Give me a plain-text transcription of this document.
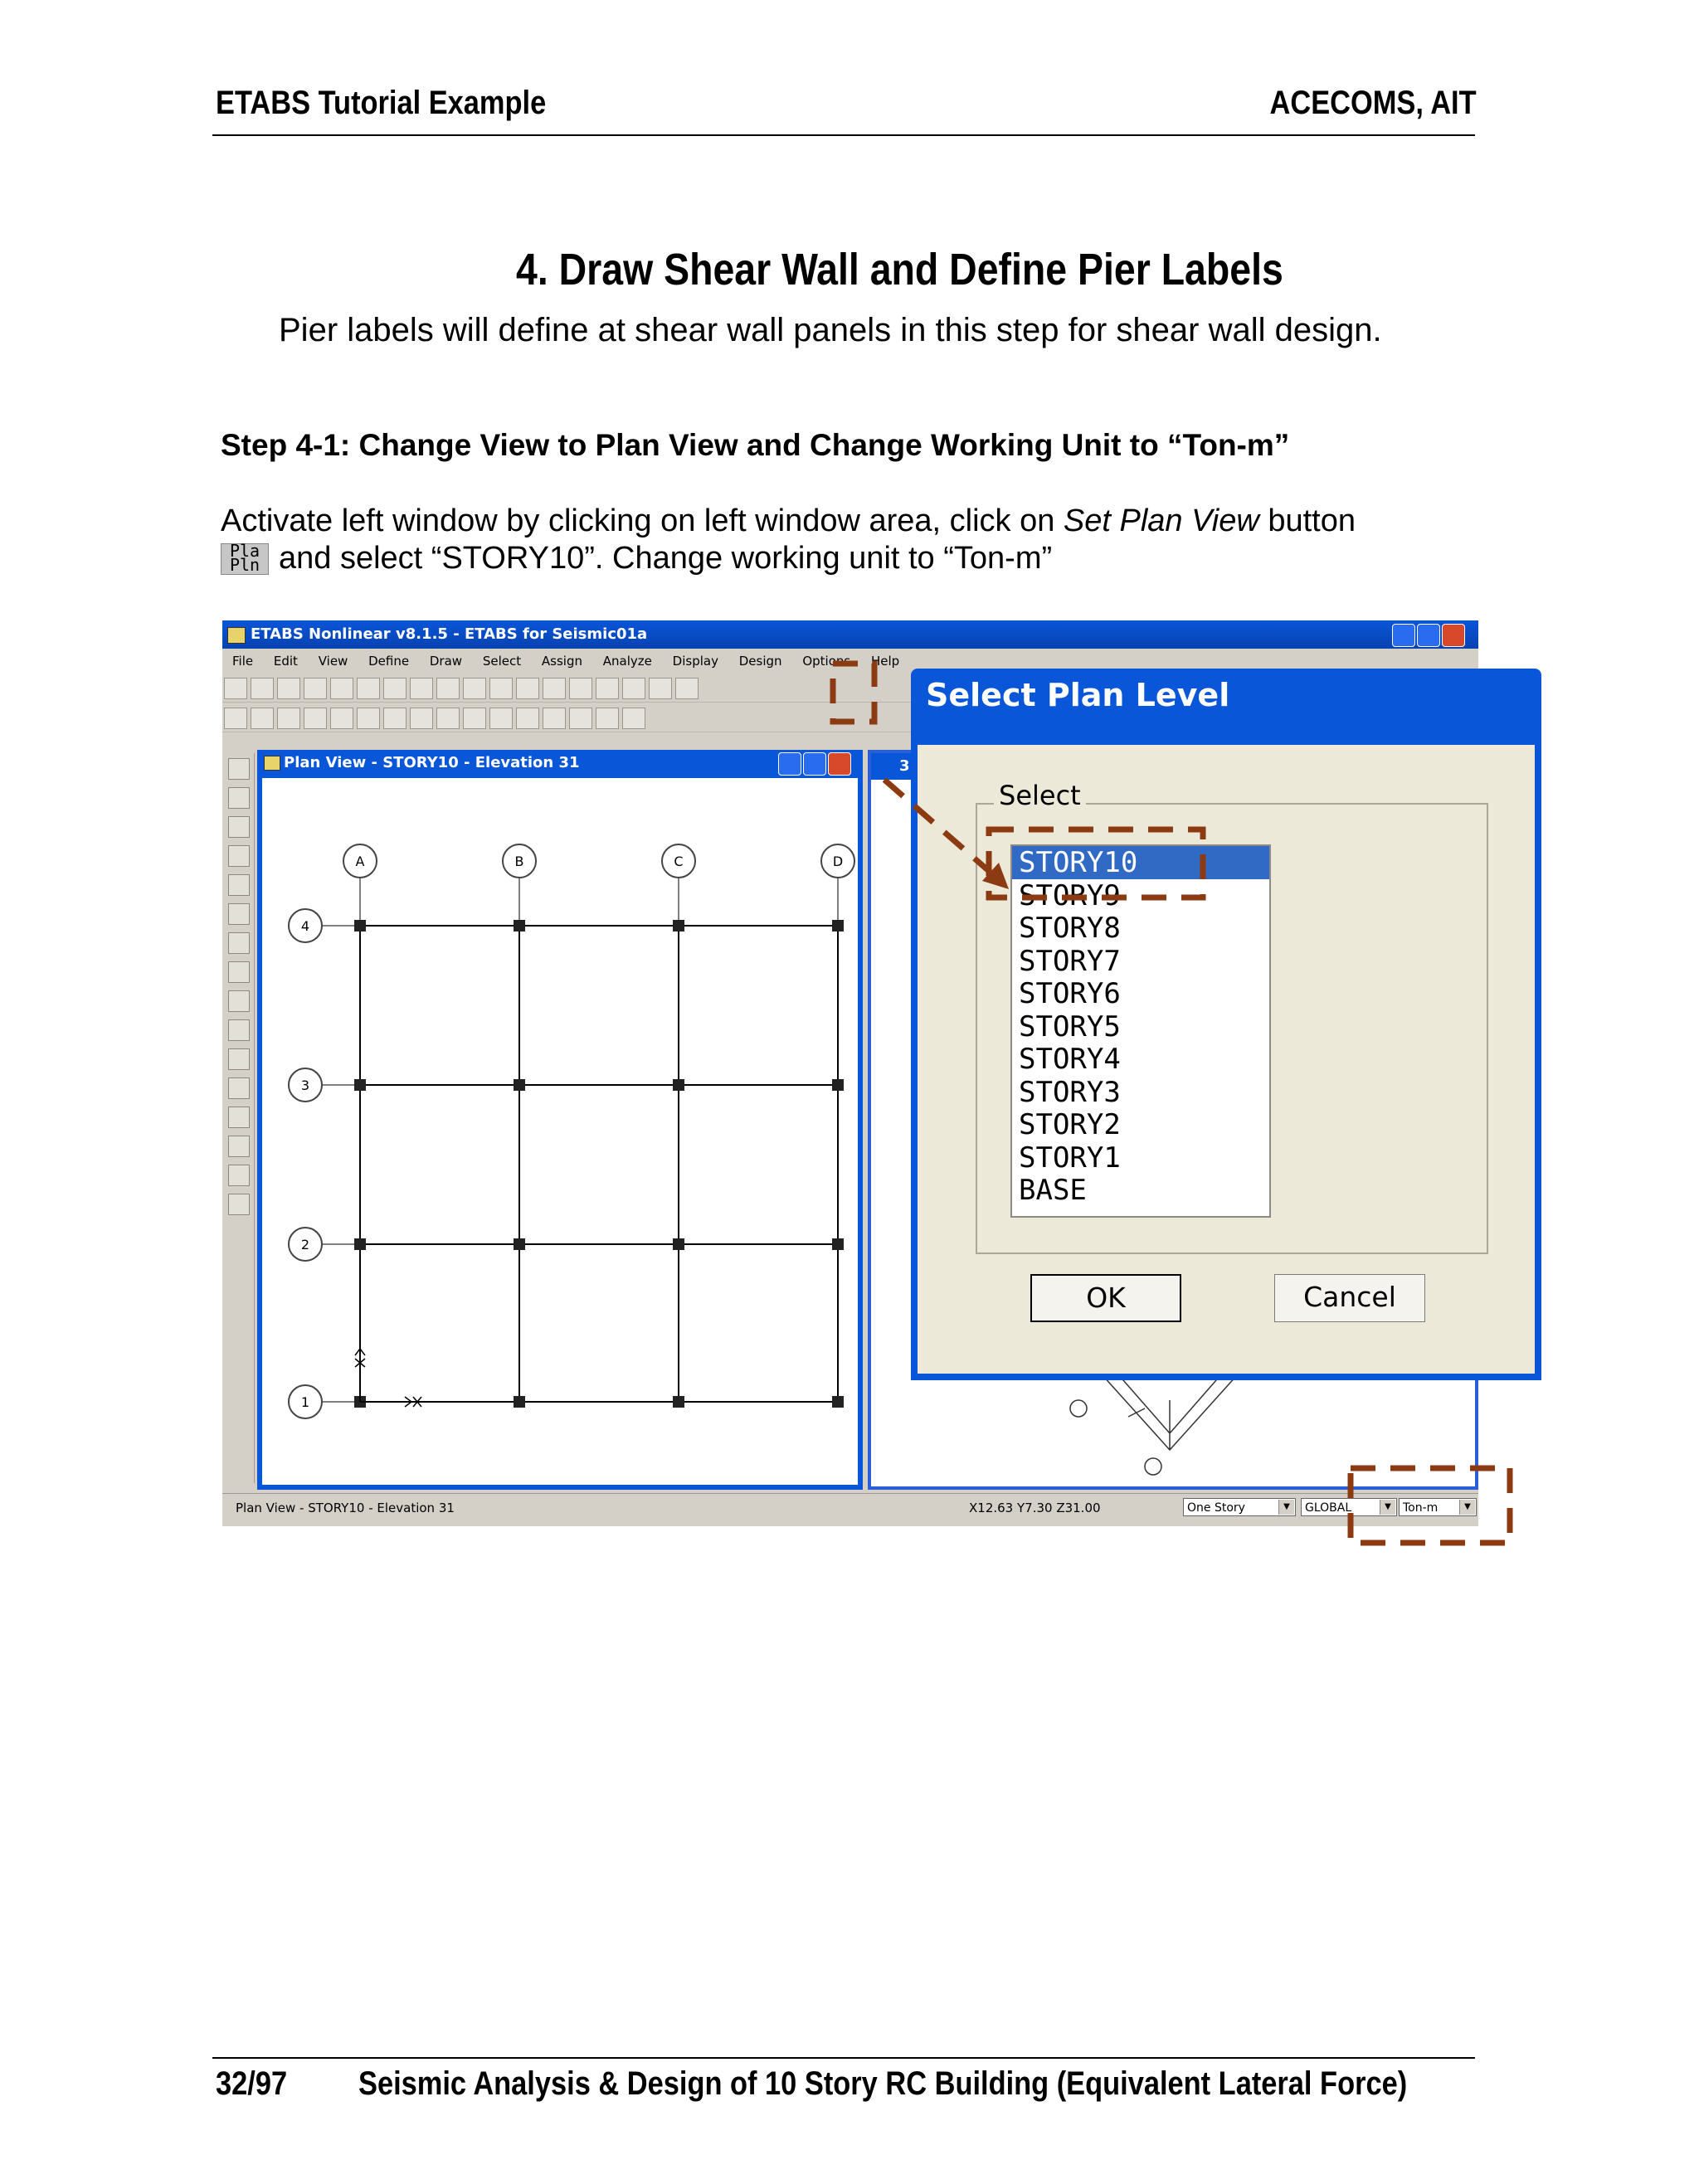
ETABS Tutorial Example	ACECOMS, AIT
4. Draw Shear Wall and Define Pier Labels
Pier labels will define at shear wall panels in this step for shear wall design.
Step 4-1: Change View to Plan View and Change Working Unit to “Ton-m”
Activate left window by clicking on left window area, click on Set Plan View button
Pla
Pln and select “STORY10”. Change working unit to “Ton-m”
ETABS Nonlinear v8.1.5 - ETABS for Seismic01a
File Edit View Define Draw Select Assign Analyze Display Design Options Help
Plan View - STORY10 - Elevation 31
A	B	C	D
4
3
2
1
3
Plan View - STORY10 - Elevation 31	X12.63 Y7.30 Z31.00	One Story	▼	GLOBAL	▼	Ton-m	▼
Select Plan Level
Select
STORY10
STORY9
STORY8
STORY7
STORY6
STORY5
STORY4
STORY3
STORY2
STORY1
BASE
OK	Cancel
32/97 Seismic Analysis & Design of 10 Story RC Building (Equivalent Lateral Force)
